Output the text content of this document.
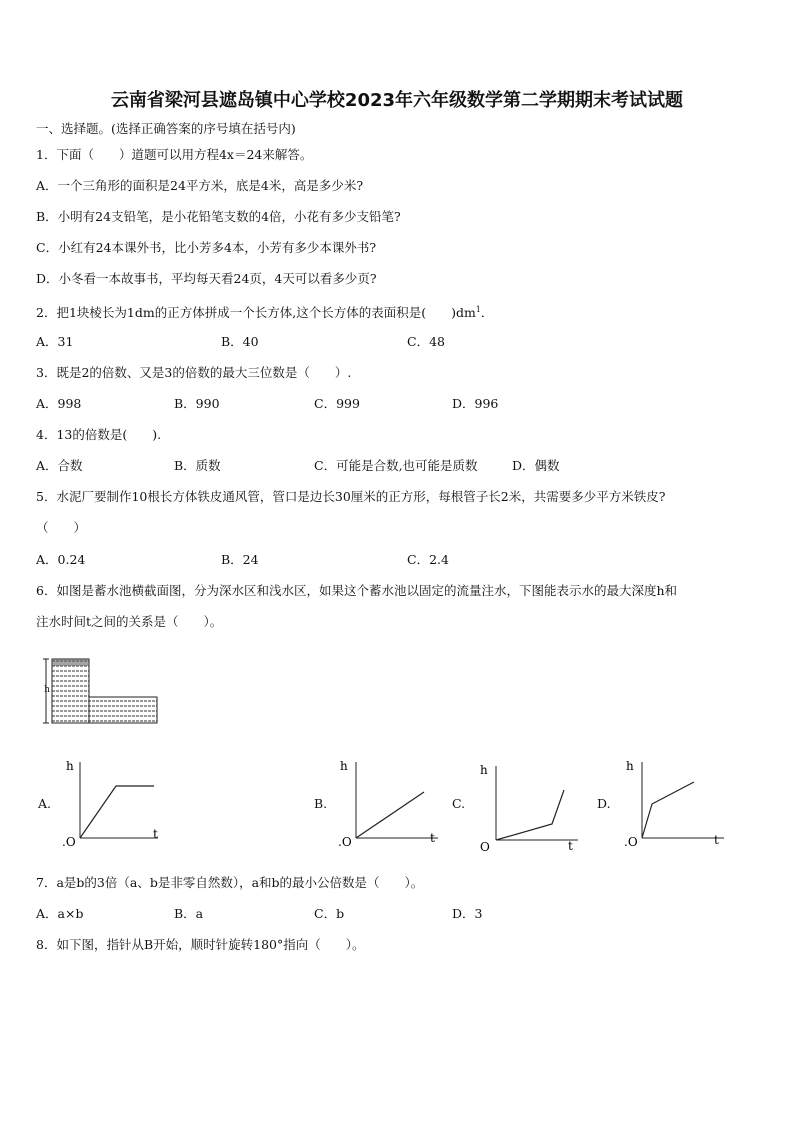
云南省梁河县遮岛镇中心学校2023年六年级数学第二学期期末考试试题
一、选择题。(选择正确答案的序号填在括号内)
1．下面（　　）道题可以用方程4x＝24来解答。
A．一个三角形的面积是24平方米，底是4米，高是多少米?
B．小明有24支铅笔，是小花铅笔支数的4倍，小花有多少支铅笔?
C．小红有24本课外书，比小芳多4本，小芳有多少本课外书?
D．小冬看一本故事书，平均每天看24页，4天可以看多少页?
2．把1块棱长为1dm的正方体拼成一个长方体,这个长方体的表面积是(　　)$dm^1$．
A．31	B．40	C．48
3．既是2的倍数、又是3的倍数的最大三位数是（　　）.
A．998	B．990	C．999	D．996
4．13的倍数是(　　).
A．合数	B．质数	C．可能是合数,也可能是质数	D．偶数
5．水泥厂要制作10根长方体铁皮通风管，管口是边长30厘米的正方形，每根管子长2米，共需要多少平方米铁皮?
（　　）
A．0.24	B．24	C．2.4
6．如图是蓄水池横截面图，分为深水区和浅水区，如果这个蓄水池以固定的流量注水，下图能表示水的最大深度h和
注水时间t之间的关系是（　　）。
h
A.
h
t
.O
B.
h
t
.O
C.
h
t
O
D.
h
t
.O
7．a是b的3倍（a、b是非零自然数），a和b的最小公倍数是（　　）。
A．a×b	B．a	C．b	D．3
8．如下图，指针从B开始，顺时针旋转180°指向（　　）。
